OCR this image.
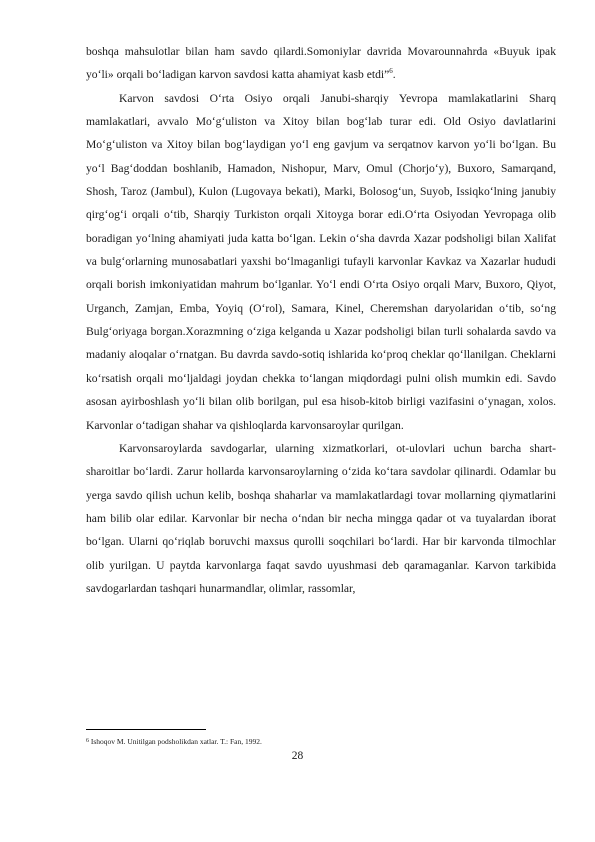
boshqa mahsulotlar bilan ham savdo qilardi.Somoniylar davrida Movarounnahrda «Buyuk ipak yo‘li» orqali bo‘ladigan karvon savdosi katta ahamiyat kasb etdi”$^6$.

Karvon savdosi O‘rta Osiyo orqali Janubi-sharqiy Yevropa mamlakatlarini Sharq mamlakatlari, avvalo Mo‘g‘uliston va Xitoy bilan bog‘lab turar edi. Old Osiyo davlatlarini Mo‘g‘uliston va Xitoy bilan bog‘laydigan yo‘l eng gavjum va serqatnov karvon yo‘li bo‘lgan. Bu yo‘l Bag‘doddan boshlanib, Hamadon, Nishopur, Marv, Omul (Chorjo‘y), Buxoro, Samarqand, Shosh, Taroz (Jambul), Kulon (Lugovaya bekati), Marki, Bolosog‘un, Suyob, Issiqko‘lning janubiy qirg‘og‘i orqali o‘tib, Sharqiy Turkiston orqali Xitoyga borar edi.O‘rta Osiyodan Yevropaga olib boradigan yo‘lning ahamiyati juda katta bo‘lgan. Lekin o‘sha davrda Xazar podsholigi bilan Xalifat va bulg‘orlarning munosabatlari yaxshi bo‘lmaganligi tufayli karvonlar Kavkaz va Xazarlar hududi orqali borish imkoniyatidan mahrum bo‘lganlar. Yo‘l endi O‘rta Osiyo orqali Marv, Buxoro, Qiyot, Urganch, Zamjan, Emba, Yoyiq (O‘rol), Samara, Kinel, Cheremshan daryolaridan o‘tib, so‘ng Bulg‘oriyaga borgan.Xorazmning o‘ziga kelganda u Xazar podsholigi bilan turli sohalarda savdo va madaniy aloqalar o‘rnatgan. Bu davrda savdo-sotiq ishlarida ko‘proq cheklar qo‘llanilgan. Cheklarni ko‘rsatish orqali mo‘ljaldagi joydan chekka to‘langan miqdordagi pulni olish mumkin edi. Savdo asosan ayirboshlash yo‘li bilan olib borilgan, pul esa hisob-kitob birligi vazifasini o‘ynagan, xolos. Karvonlar o‘tadigan shahar va qishloqlarda karvonsaroylar qurilgan.

Karvonsaroylarda savdogarlar, ularning xizmatkorlari, ot-ulovlari uchun barcha shart-sharoitlar bo‘lardi. Zarur hollarda karvonsaroylarning o‘zida ko‘tara savdolar qilinardi. Odamlar bu yerga savdo qilish uchun kelib, boshqa shaharlar va mamlakatlardagi tovar mollarning qiymatlarini ham bilib olar edilar. Karvonlar bir necha o‘ndan bir necha mingga qadar ot va tuyalardan iborat bo‘lgan. Ularni qo‘riqlab boruvchi maxsus qurolli soqchilari bo‘lardi. Har bir karvonda tilmochlar olib yurilgan. U paytda karvonlarga faqat savdo uyushmasi deb qaramaganlar. Karvon tarkibida savdogarlardan tashqari hunarmandlar, olimlar, rassomlar,

$^6$ Ishoqov M. Unitilgan podsholikdan xatlar. T.: Fan, 1992.
28
